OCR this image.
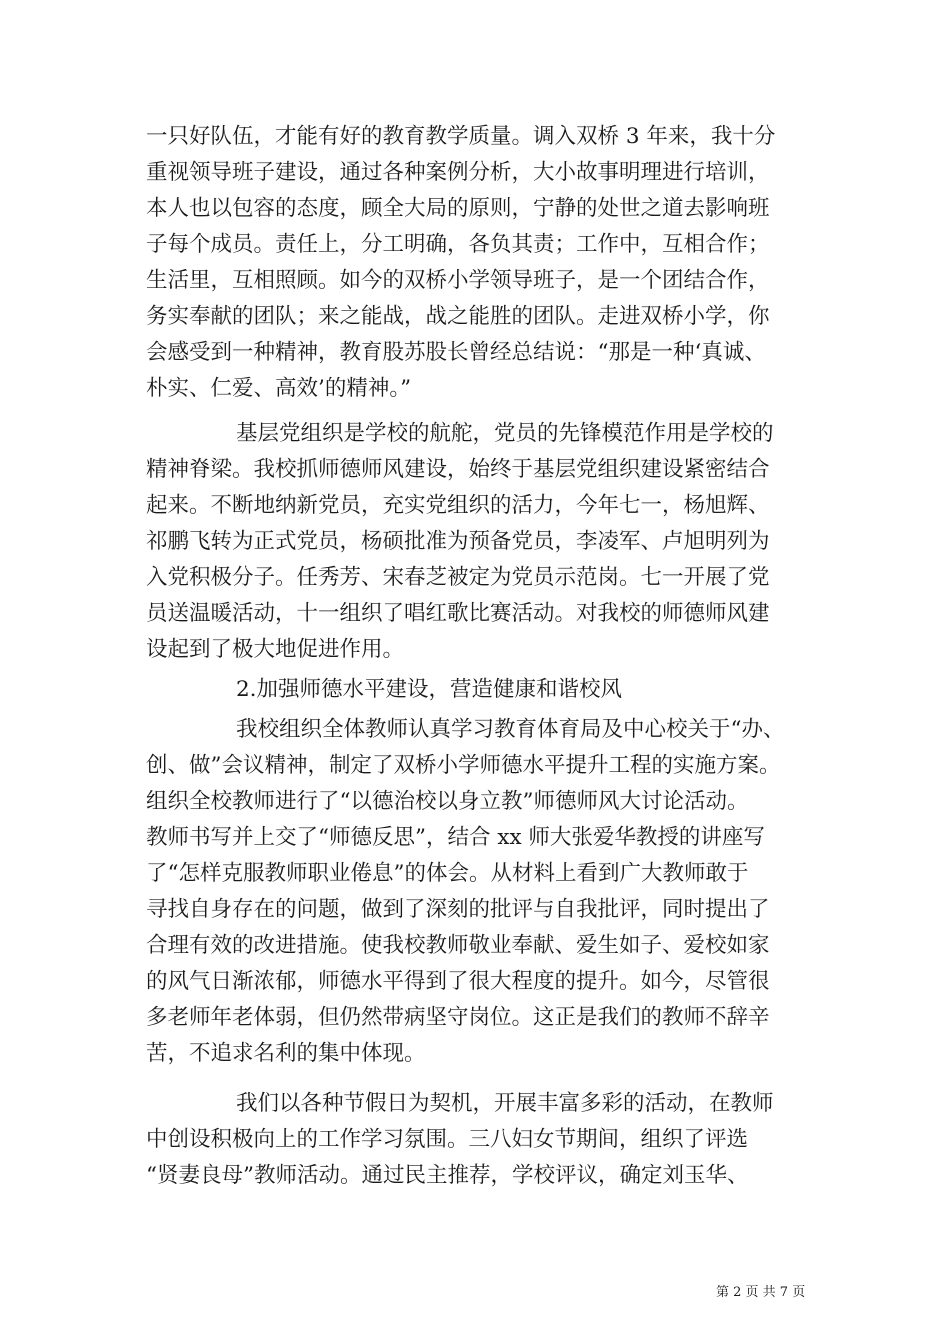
一只好队伍，才能有好的教育教学质量。调入双桥 3 年来，我十分
重视领导班子建设，通过各种案例分析，大小故事明理进行培训，
本人也以包容的态度，顾全大局的原则，宁静的处世之道去影响班
子每个成员。责任上，分工明确，各负其责；工作中，互相合作；
生活里，互相照顾。如今的双桥小学领导班子，是一个团结合作，
务实奉献的团队；来之能战，战之能胜的团队。走进双桥小学，你
会感受到一种精神，教育股苏股长曾经总结说：“那是一种‘真诚、
朴实、仁爱、高效’的精神。”
基层党组织是学校的航舵，党员的先锋模范作用是学校的
精神脊梁。我校抓师德师风建设，始终于基层党组织建设紧密结合
起来。不断地纳新党员，充实党组织的活力，今年七一，杨旭辉、
祁鹏飞转为正式党员，杨硕批准为预备党员，李凌军、卢旭明列为
入党积极分子。任秀芳、宋春芝被定为党员示范岗。七一开展了党
员送温暖活动，十一组织了唱红歌比赛活动。对我校的师德师风建
设起到了极大地促进作用。
2.加强师德水平建设，营造健康和谐校风
我校组织全体教师认真学习教育体育局及中心校关于“办、
创、做”会议精神，制定了双桥小学师德水平提升工程的实施方案。
组织全校教师进行了“以德治校以身立教”师德师风大讨论活动。
教师书写并上交了“师德反思”，结合 xx 师大张爱华教授的讲座写
了“怎样克服教师职业倦息”的体会。从材料上看到广大教师敢于
寻找自身存在的问题，做到了深刻的批评与自我批评，同时提出了
合理有效的改进措施。使我校教师敬业奉献、爱生如子、爱校如家
的风气日渐浓郁，师德水平得到了很大程度的提升。如今，尽管很
多老师年老体弱，但仍然带病坚守岗位。这正是我们的教师不辞辛
苦，不追求名利的集中体现。
我们以各种节假日为契机，开展丰富多彩的活动，在教师
中创设积极向上的工作学习氛围。三八妇女节期间，组织了评选
“贤妻良母”教师活动。通过民主推荐，学校评议，确定刘玉华、
第 2 页 共 7 页
